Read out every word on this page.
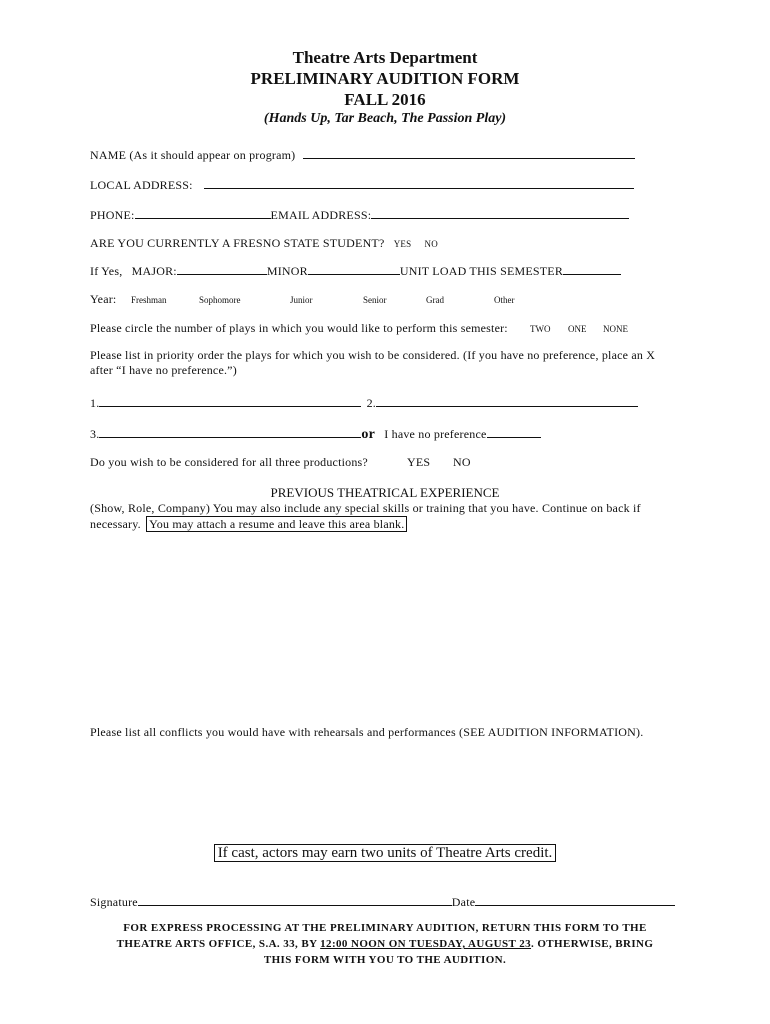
Theatre Arts Department
PRELIMINARY AUDITION FORM
FALL 2016
(Hands Up, Tar Beach, The Passion Play)
NAME (As it should appear on program)
LOCAL ADDRESS:
PHONE:	EMAIL ADDRESS:
ARE YOU CURRENTLY A FRESNO STATE STUDENT? YES NO
If Yes, MAJOR:	MINOR	UNIT LOAD THIS SEMESTER
Year: Freshman	Sophomore	Junior	Senior	Grad	Other
Please circle the number of plays in which you would like to perform this semester: TWO ONE NONE
Please list in priority order the plays for which you wish to be considered. (If you have no preference, place an X
after “I have no preference.”)
1.	2.
3.	or I have no preference
Do you wish to be considered for all three productions?	YES NO
PREVIOUS THEATRICAL EXPERIENCE
(Show, Role, Company) You may also include any special skills or training that you have. Continue on back if
necessary. You may attach a resume and leave this area blank.
Please list all conflicts you would have with rehearsals and performances (SEE AUDITION INFORMATION).
If cast, actors may earn two units of Theatre Arts credit.
Signature	Date
FOR EXPRESS PROCESSING AT THE PRELIMINARY AUDITION, RETURN THIS FORM TO THE
THEATRE ARTS OFFICE, S.A. 33, BY 12:00 NOON ON TUESDAY, AUGUST 23. OTHERWISE, BRING
THIS FORM WITH YOU TO THE AUDITION.
